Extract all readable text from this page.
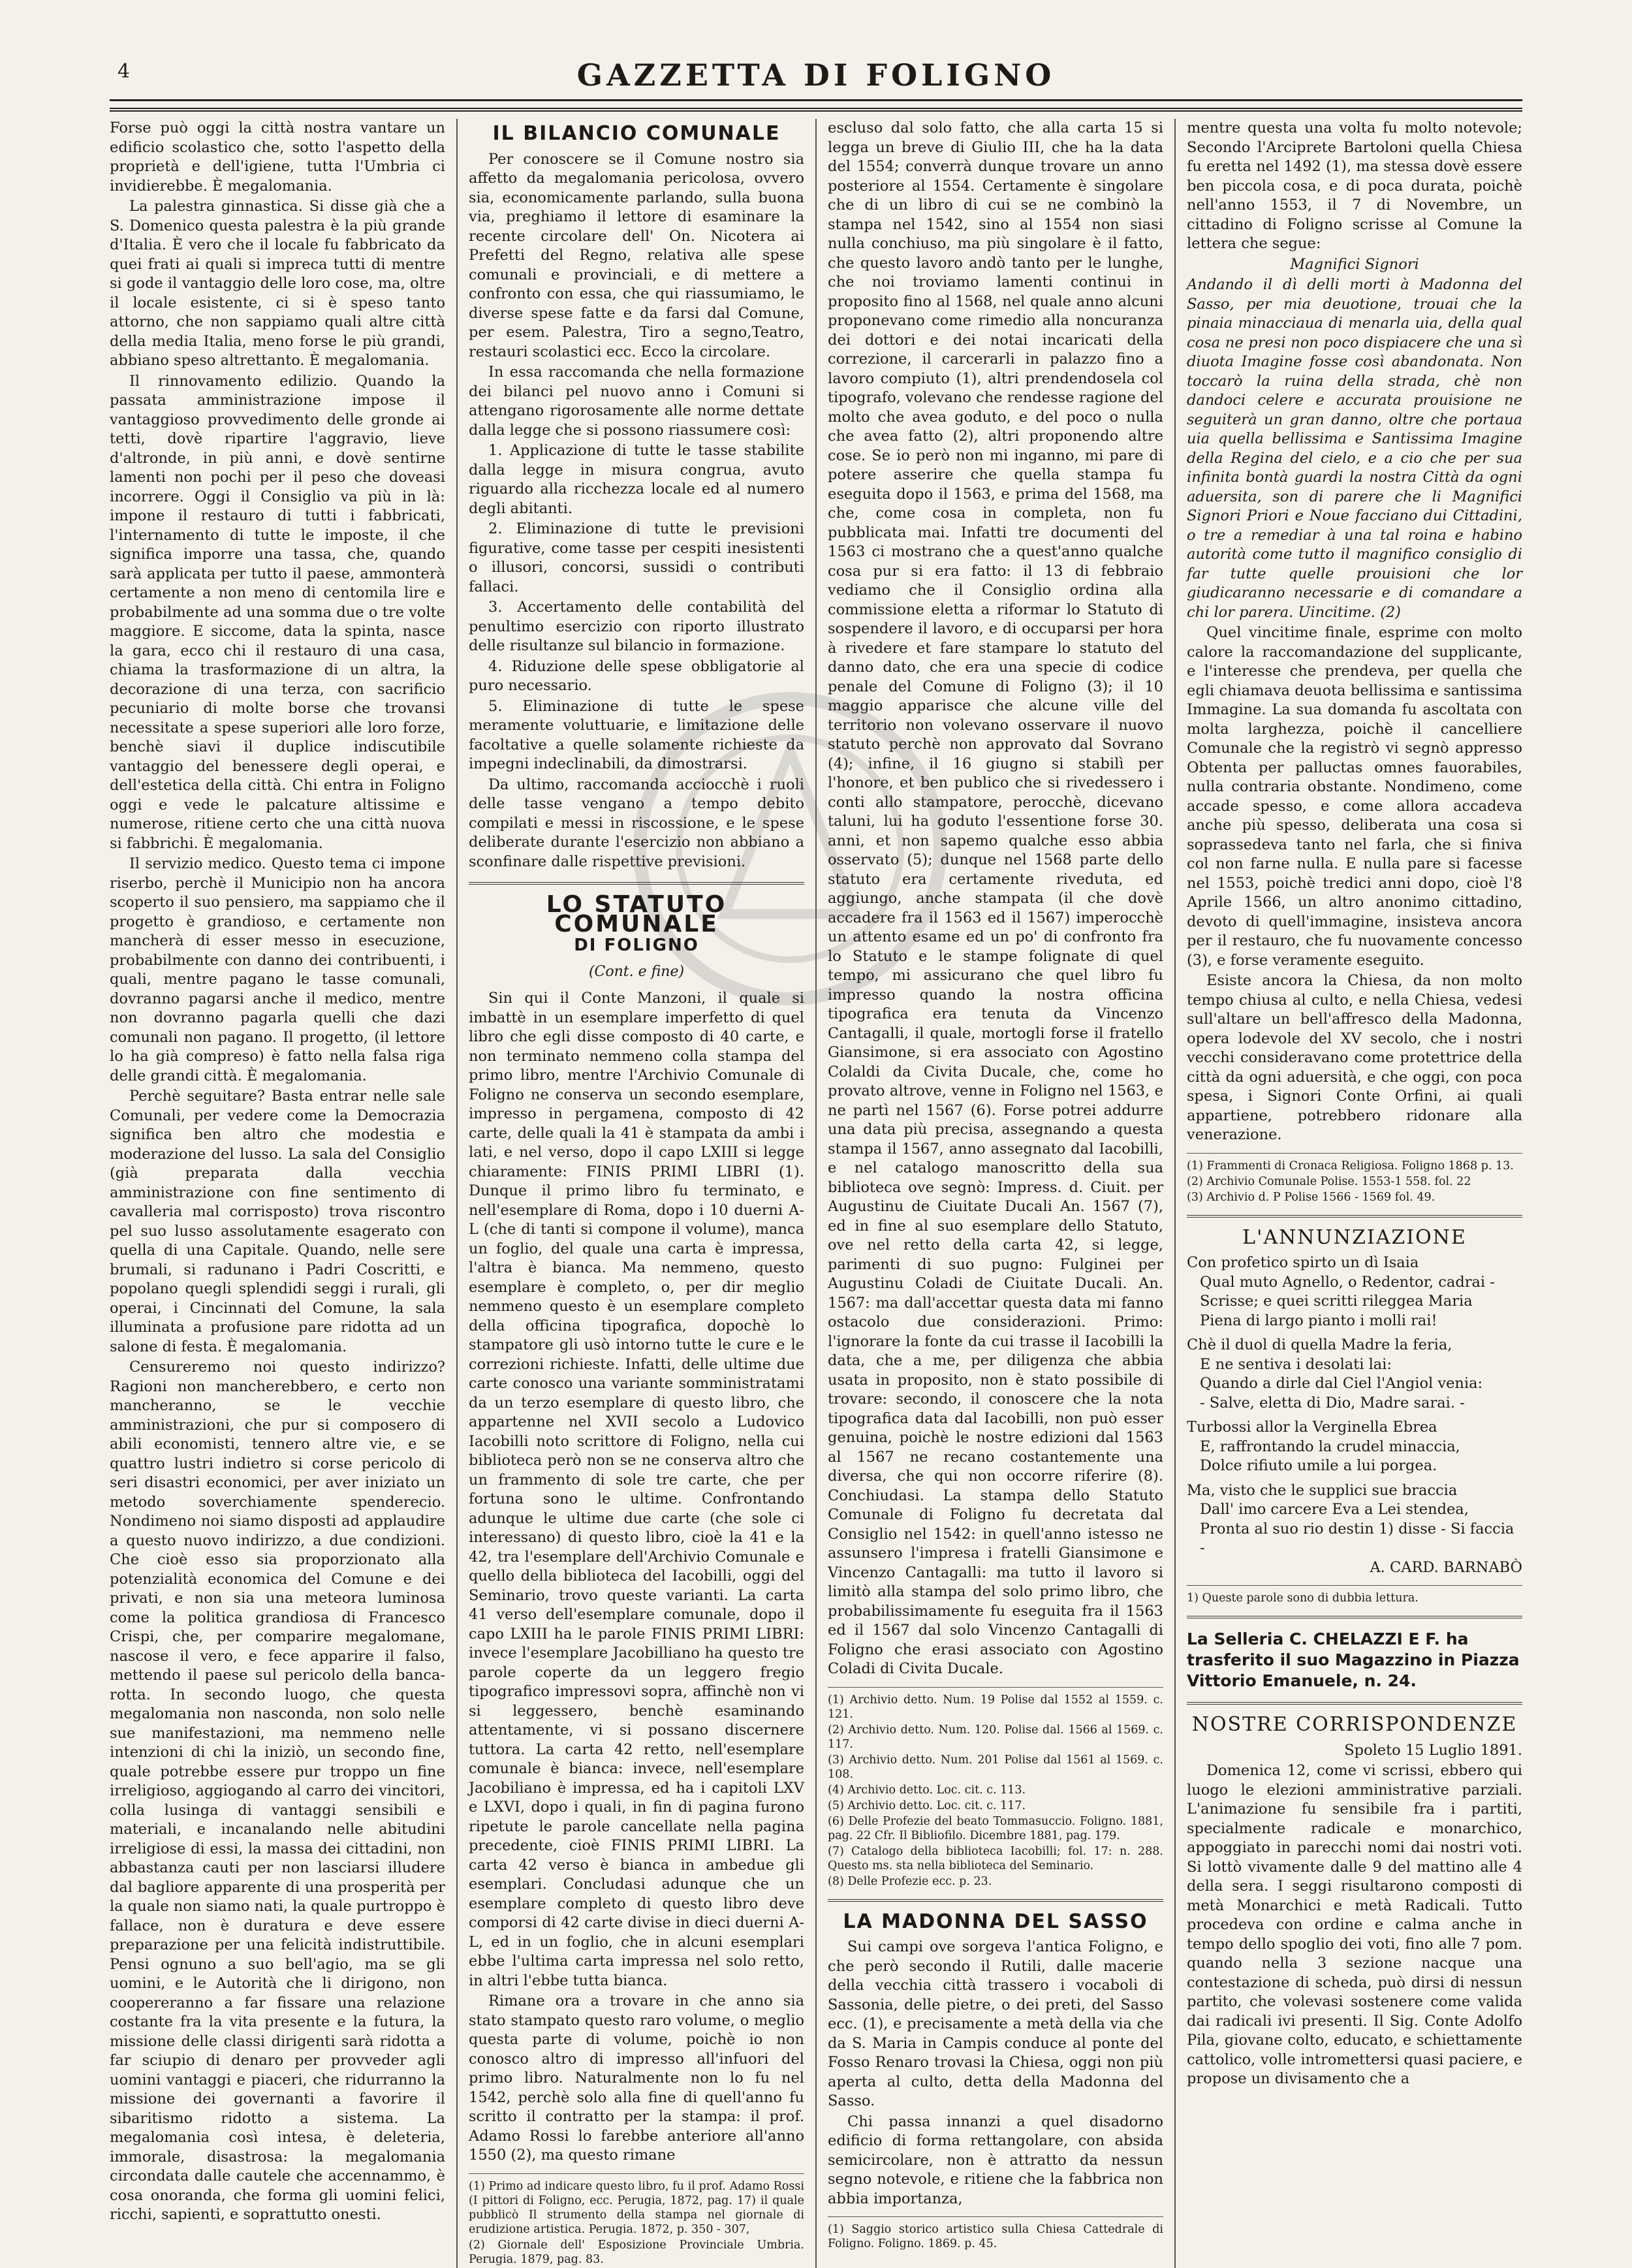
4	GAZZETTA DI FOLIGNO

Forse può oggi la città nostra vantare un edificio scolastico che, sotto l'aspetto della proprietà e dell'igiene, tutta l'Umbria ci invidierebbe. È megalomania.

La palestra ginnastica. Si disse già che a S. Domenico questa palestra è la più grande d'Italia. È vero che il locale fu fabbricato da quei frati ai quali si impreca tutti di mentre si gode il vantaggio delle loro cose, ma, oltre il locale esistente, ci si è speso tanto attorno, che non sappiamo quali altre città della media Italia, meno forse le più grandi, abbiano speso altrettanto. È megalomania.

Il rinnovamento edilizio. Quando la passata amministrazione impose il vantaggioso provvedimento delle gronde ai tetti, dovè ripartire l'aggravio, lieve d'altronde, in più anni, e dovè sentirne lamenti non pochi per il peso che doveasi incorrere. Oggi il Consiglio va più in là: impone il restauro di tutti i fabbricati, l'internamento di tutte le imposte, il che significa imporre una tassa, che, quando sarà applicata per tutto il paese, ammonterà certamente a non meno di centomila lire e probabilmente ad una somma due o tre volte maggiore. E siccome, data la spinta, nasce la gara, ecco chi il restauro di una casa, chiama la trasformazione di un altra, la decorazione di una terza, con sacrificio pecuniario di molte borse che trovansi necessitate a spese superiori alle loro forze, benchè siavi il duplice indiscutibile vantaggio del benessere degli operai, e dell'estetica della città. Chi entra in Foligno oggi e vede le palcature altissime e numerose, ritiene certo che una città nuova si fabbrichi. È megalomania.

Il servizio medico. Questo tema ci impone riserbo, perchè il Municipio non ha ancora scoperto il suo pensiero, ma sappiamo che il progetto è grandioso, e certamente non mancherà di esser messo in esecuzione, probabilmente con danno dei contribuenti, i quali, mentre pagano le tasse comunali, dovranno pagarsi anche il medico, mentre non dovranno pagarla quelli che dazi comunali non pagano. Il progetto, (il lettore lo ha già compreso) è fatto nella falsa riga delle grandi città. È megalomania.

Perchè seguitare? Basta entrar nelle sale Comunali, per vedere come la Democrazia significa ben altro che modestia e moderazione del lusso. La sala del Consiglio (già preparata dalla vecchia amministrazione con fine sentimento di cavalleria mal corrisposto) trova riscontro pel suo lusso assolutamente esagerato con quella di una Capitale. Quando, nelle sere brumali, si radunano i Padri Coscritti, e popolano quegli splendidi seggi i rurali, gli operai, i Cincinnati del Comune, la sala illuminata a profusione pare ridotta ad un salone di festa. È megalomania.

Censureremo noi questo indirizzo? Ragioni non mancherebbero, e certo non mancheranno, se le vecchie amministrazioni, che pur si composero di abili economisti, tennero altre vie, e se quattro lustri indietro si corse pericolo di seri disastri economici, per aver iniziato un metodo soverchiamente spenderecio. Nondimeno noi siamo disposti ad applaudire a questo nuovo indirizzo, a due condizioni. Che cioè esso sia proporzionato alla potenzialità economica del Comune e dei privati, e non sia una meteora luminosa come la politica grandiosa di Francesco Crispi, che, per comparire megalomane, nascose il vero, e fece apparire il falso, mettendo il paese sul pericolo della banca-rotta. In secondo luogo, che questa megalomania non nasconda, non solo nelle sue manifestazioni, ma nemmeno nelle intenzioni di chi la iniziò, un secondo fine, quale potrebbe essere pur troppo un fine irreligioso, aggiogando al carro dei vincitori, colla lusinga di vantaggi sensibili e materiali, e incanalando nelle abitudini irreligiose di essi, la massa dei cittadini, non abbastanza cauti per non lasciarsi illudere dal bagliore apparente di una prosperità per la quale non siamo nati, la quale purtroppo è fallace, non è duratura e deve essere preparazione per una felicità indistruttibile. Pensi ognuno a suo bell'agio, ma se gli uomini, e le Autorità che li dirigono, non coopereranno a far fissare una relazione costante fra la vita presente e la futura, la missione delle classi dirigenti sarà ridotta a far sciupio di denaro per provveder agli uomini vantaggi e piaceri, che ridurranno la missione dei governanti a favorire il sibaritismo ridotto a sistema. La megalomania così intesa, è deleteria, immorale, disastrosa: la megalomania circondata dalle cautele che accennammo, è cosa onoranda, che forma gli uomini felici, ricchi, sapienti, e soprattutto onesti.

IL BILANCIO COMUNALE

Per conoscere se il Comune nostro sia affetto da megalomania pericolosa, ovvero sia, economicamente parlando, sulla buona via, preghiamo il lettore di esaminare la recente circolare dell' On. Nicotera ai Prefetti del Regno, relativa alle spese comunali e provinciali, e di mettere a confronto con essa, che qui riassumiamo, le diverse spese fatte e da farsi dal Comune, per esem. Palestra, Tiro a segno,Teatro, restauri scolastici ecc. Ecco la circolare.

In essa raccomanda che nella formazione dei bilanci pel nuovo anno i Comuni si attengano rigorosamente alle norme dettate dalla legge che si possono riassumere così:

1. Applicazione di tutte le tasse stabilite dalla legge in misura congrua, avuto riguardo alla ricchezza locale ed al numero degli abitanti.

2. Eliminazione di tutte le previsioni figurative, come tasse per cespiti inesistenti o illusori, concorsi, sussidi o contributi fallaci.

3. Accertamento delle contabilità del penultimo esercizio con riporto illustrato delle risultanze sul bilancio in formazione.

4. Riduzione delle spese obbligatorie al puro necessario.

5. Eliminazione di tutte le spese meramente voluttuarie, e limitazione delle facoltative a quelle solamente richieste da impegni indeclinabili, da dimostrarsi.

Da ultimo, raccomanda acciocchè i ruoli delle tasse vengano a tempo debito compilati e messi in riscossione, e le spese deliberate durante l'esercizio non abbiano a sconfinare dalle rispettive previsioni.

LO STATUTO COMUNALE
DI FOLIGNO
(Cont. e fine)

Sin qui il Conte Manzoni, il quale si imbattè in un esemplare imperfetto di quel libro che egli disse composto di 40 carte, e non terminato nemmeno colla stampa del primo libro, mentre l'Archivio Comunale di Foligno ne conserva un secondo esemplare, impresso in pergamena, composto di 42 carte, delle quali la 41 è stampata da ambi i lati, e nel verso, dopo il capo LXIII si legge chiaramente: FINIS PRIMI LIBRI (1). Dunque il primo libro fu terminato, e nell'esemplare di Roma, dopo i 10 duerni A-L (che di tanti si compone il volume), manca un foglio, del quale una carta è impressa, l'altra è bianca. Ma nemmeno, questo esemplare è completo, o, per dir meglio nemmeno questo è un esemplare completo della officina tipografica, dopochè lo stampatore gli usò intorno tutte le cure e le correzioni richieste. Infatti, delle ultime due carte conosco una variante somministratami da un terzo esemplare di questo libro, che appartenne nel XVII secolo a Ludovico Iacobilli noto scrittore di Foligno, nella cui biblioteca però non se ne conserva altro che un frammento di sole tre carte, che per fortuna sono le ultime. Confrontando adunque le ultime due carte (che sole ci interessano) di questo libro, cioè la 41 e la 42, tra l'esemplare dell'Archivio Comunale e quello della biblioteca del Iacobilli, oggi del Seminario, trovo queste varianti. La carta 41 verso dell'esemplare comunale, dopo il capo LXIII ha le parole FINIS PRIMI LIBRI: invece l'esemplare Jacobilliano ha questo tre parole coperte da un leggero fregio tipografico impressovi sopra, affinchè non vi si leggessero, benchè esaminando attentamente, vi si possano discernere tuttora. La carta 42 retto, nell'esemplare comunale è bianca: invece, nell'esemplare Jacobiliano è impressa, ed ha i capitoli LXV e LXVI, dopo i quali, in fin di pagina furono ripetute le parole cancellate nella pagina precedente, cioè FINIS PRIMI LIBRI. La carta 42 verso è bianca in ambedue gli esemplari. Concludasi adunque che un esemplare completo di questo libro deve comporsi di 42 carte divise in dieci duerni A-L, ed in un foglio, che in alcuni esemplari ebbe l'ultima carta impressa nel solo retto, in altri l'ebbe tutta bianca.

Rimane ora a trovare in che anno sia stato stampato questo raro volume, o meglio questa parte di volume, poichè io non conosco altro di impresso all'infuori del primo libro. Naturalmente non lo fu nel 1542, perchè solo alla fine di quell'anno fu scritto il contratto per la stampa: il prof. Adamo Rossi lo farebbe anteriore all'anno 1550 (2), ma questo rimane

(1) Primo ad indicare questo libro, fu il prof. Adamo Rossi (I pittori di Foligno, ecc. Perugia, 1872, pag. 17) il quale pubblicò Il strumento della stampa nel giornale di erudizione artistica. Perugia. 1872, p. 350 - 307,

(2) Giornale dell' Esposizione Provinciale Umbria. Perugia. 1879, pag. 83.

escluso dal solo fatto, che alla carta 15 si legga un breve di Giulio III, che ha la data del 1554; converrà dunque trovare un anno posteriore al 1554. Certamente è singolare che di un libro di cui se ne combinò la stampa nel 1542, sino al 1554 non siasi nulla conchiuso, ma più singolare è il fatto, che questo lavoro andò tanto per le lunghe, che noi troviamo lamenti continui in proposito fino al 1568, nel quale anno alcuni proponevano come rimedio alla noncuranza dei dottori e dei notai incaricati della correzione, il carcerarli in palazzo fino a lavoro compiuto (1), altri prendendosela col tipografo, volevano che rendesse ragione del molto che avea goduto, e del poco o nulla che avea fatto (2), altri proponendo altre cose. Se io però non mi inganno, mi pare di potere asserire che quella stampa fu eseguita dopo il 1563, e prima del 1568, ma che, come cosa in completa, non fu pubblicata mai. Infatti tre documenti del 1563 ci mostrano che a quest'anno qualche cosa pur si era fatto: il 13 di febbraio vediamo che il Consiglio ordina alla commissione eletta a riformar lo Statuto di sospendere il lavoro, e di occuparsi per hora à rivedere et fare stampare lo statuto del danno dato, che era una specie di codice penale del Comune di Foligno (3); il 10 maggio apparisce che alcune ville del territorio non volevano osservare il nuovo statuto perchè non approvato dal Sovrano (4); infine, il 16 giugno si stabilì per l'honore, et ben publico che si rivedessero i conti allo stampatore, perocchè, dicevano taluni, lui ha goduto l'essentione forse 30. anni, et non sapemo qualche esso abbia osservato (5); dunque nel 1568 parte dello statuto era certamente riveduta, ed aggiungo, anche stampata (il che dovè accadere fra il 1563 ed il 1567) imperocchè un attento esame ed un po' di confronto fra lo Statuto e le stampe folignate di quel tempo, mi assicurano che quel libro fu impresso quando la nostra officina tipografica era tenuta da Vincenzo Cantagalli, il quale, mortogli forse il fratello Giansimone, si era associato con Agostino Colaldi da Civita Ducale, che, come ho provato altrove, venne in Foligno nel 1563, e ne partì nel 1567 (6). Forse potrei addurre una data più precisa, assegnando a questa stampa il 1567, anno assegnato dal Iacobilli, e nel catalogo manoscritto della sua biblioteca ove segnò: Impress. d. Ciuit. per Augustinu de Ciuitate Ducali An. 1567 (7), ed in fine al suo esemplare dello Statuto, ove nel retto della carta 42, si legge, parimenti di suo pugno: Fulginei per Augustinu Coladi de Ciuitate Ducali. An. 1567: ma dall'accettar questa data mi fanno ostacolo due considerazioni. Primo: l'ignorare la fonte da cui trasse il Iacobilli la data, che a me, per diligenza che abbia usata in proposito, non è stato possibile di trovare: secondo, il conoscere che la nota tipografica data dal Iacobilli, non può esser genuina, poichè le nostre edizioni dal 1563 al 1567 ne recano costantemente una diversa, che qui non occorre riferire (8). Conchiudasi. La stampa dello Statuto Comunale di Foligno fu decretata dal Consiglio nel 1542: in quell'anno istesso ne assunsero l'impresa i fratelli Giansimone e Vincenzo Cantagalli: ma tutto il lavoro si limitò alla stampa del solo primo libro, che probabilissimamente fu eseguita fra il 1563 ed il 1567 dal solo Vincenzo Cantagalli di Foligno che erasi associato con Agostino Coladi di Civita Ducale.

(1) Archivio detto. Num. 19 Polise dal 1552 al 1559. c. 121.

(2) Archivio detto. Num. 120. Polise dal. 1566 al 1569. c. 117.

(3) Archivio detto. Num. 201 Polise dal 1561 al 1569. c. 108.

(4) Archivio detto. Loc. cit. c. 113.

(5) Archivio detto. Loc. cit. c. 117.

(6) Delle Profezie del beato Tommasuccio. Foligno. 1881, pag. 22 Cfr. Il Bibliofilo. Dicembre 1881, pag. 179.

(7) Catalogo della biblioteca Iacobilli; fol. 17: n. 288. Questo ms. sta nella biblioteca del Seminario.

(8) Delle Profezie ecc. p. 23.

LA MADONNA DEL SASSO

Sui campi ove sorgeva l'antica Foligno, e che però secondo il Rutili, dalle macerie della vecchia città trassero i vocaboli di Sassonia, delle pietre, o dei preti, del Sasso ecc. (1), e precisamente a metà della via che da S. Maria in Campis conduce al ponte del Fosso Renaro trovasi la Chiesa, oggi non più aperta al culto, detta della Madonna del Sasso.

Chi passa innanzi a quel disadorno edificio di forma rettangolare, con absida semicircolare, non è attratto da nessun segno notevole, e ritiene che la fabbrica non abbia importanza,

(1) Saggio storico artistico sulla Chiesa Cattedrale di Foligno. Foligno. 1869. p. 45.

mentre questa una volta fu molto notevole; Secondo l'Arciprete Bartoloni quella Chiesa fu eretta nel 1492 (1), ma stessa dovè essere ben piccola cosa, e di poca durata, poichè nell'anno 1553, il 7 di Novembre, un cittadino di Foligno scrisse al Comune la lettera che segue:

Magnifici Signori

Andando il dì delli morti à Madonna del Sasso, per mia deuotione, trouai che la pinaia minacciaua di menarla uia, della qual cosa ne presi non poco dispiacere che una sì diuota Imagine fosse così abandonata. Non toccarò la ruina della strada, chè non dandoci celere e accurata prouisione ne seguiterà un gran danno, oltre che portaua uia quella bellissima e Santissima Imagine della Regina del cielo, e a cio che per sua infinita bontà guardi la nostra Città da ogni aduersita, son di parere che li Magnifici Signori Priori e Noue facciano dui Cittadini, o tre a remediar à una tal roina e habino autorità come tutto il magnifico consiglio di far tutte quelle prouisioni che lor giudicaranno necessarie e di comandare a chi lor parera. Uincitime. (2)

Quel vincitime finale, esprime con molto calore la raccomandazione del supplicante, e l'interesse che prendeva, per quella che egli chiamava deuota bellissima e santissima Immagine. La sua domanda fu ascoltata con molta larghezza, poichè il cancelliere Comunale che la registrò vi segnò appresso Obtenta per palluctas omnes fauorabiles, nulla contraria obstante. Nondimeno, come accade spesso, e come allora accadeva anche più spesso, deliberata una cosa si soprassedeva tanto nel farla, che si finiva col non farne nulla. E nulla pare si facesse nel 1553, poichè tredici anni dopo, cioè l'8 Aprile 1566, un altro anonimo cittadino, devoto di quell'immagine, insisteva ancora per il restauro, che fu nuovamente concesso (3), e forse veramente eseguito.

Esiste ancora la Chiesa, da non molto tempo chiusa al culto, e nella Chiesa, vedesi sull'altare un bell'affresco della Madonna, opera lodevole del XV secolo, che i nostri vecchi consideravano come protettrice della città da ogni aduersità, e che oggi, con poca spesa, i Signori Conte Orfini, ai quali appartiene, potrebbero ridonare alla venerazione.

(1) Frammenti di Cronaca Religiosa. Foligno 1868 p. 13.

(2) Archivio Comunale Polise. 1553-1 558. fol. 22

(3) Archivio d. P Polise 1566 - 1569 fol. 49.

L'ANNUNZIAZIONE

Con profetico spirto un dì Isaia

Qual muto Agnello, o Redentor, cadrai -

Scrisse; e quei scritti rileggea Maria

Piena di largo pianto i molli rai!

Chè il duol di quella Madre la feria,

E ne sentiva i desolati lai:

Quando a dirle dal Ciel l'Angiol venia:

- Salve, eletta di Dio, Madre sarai. -

Turbossi allor la Verginella Ebrea

E, raffrontando la crudel minaccia,

Dolce rifiuto umile a lui porgea.

Ma, visto che le supplici sue braccia

Dall' imo carcere Eva a Lei stendea,

Pronta al suo rio destin 1) disse - Si faccia -

A. CARD. BARNABÒ

1) Queste parole sono di dubbia lettura.

La Selleria C. CHELAZZI E F. ha trasferito il suo Magazzino in Piazza Vittorio Emanuele, n. 24.

NOSTRE CORRISPONDENZE

Spoleto 15 Luglio 1891.

Domenica 12, come vi scrissi, ebbero qui luogo le elezioni amministrative parziali. L'animazione fu sensibile fra i partiti, specialmente radicale e monarchico, appoggiato in parecchi nomi dai nostri voti. Si lottò vivamente dalle 9 del mattino alle 4 della sera. I seggi risultarono composti di metà Monarchici e metà Radicali. Tutto procedeva con ordine e calma anche in tempo dello spoglio dei voti, fino alle 7 pom. quando nella 3 sezione nacque una contestazione di scheda, può dirsi di nessun partito, che volevasi sostenere come valida dai radicali ivi presenti. Il Sig. Conte Adolfo Pila, giovane colto, educato, e schiettamente cattolico, volle intromettersi quasi paciere, e propose un divisamento che a
